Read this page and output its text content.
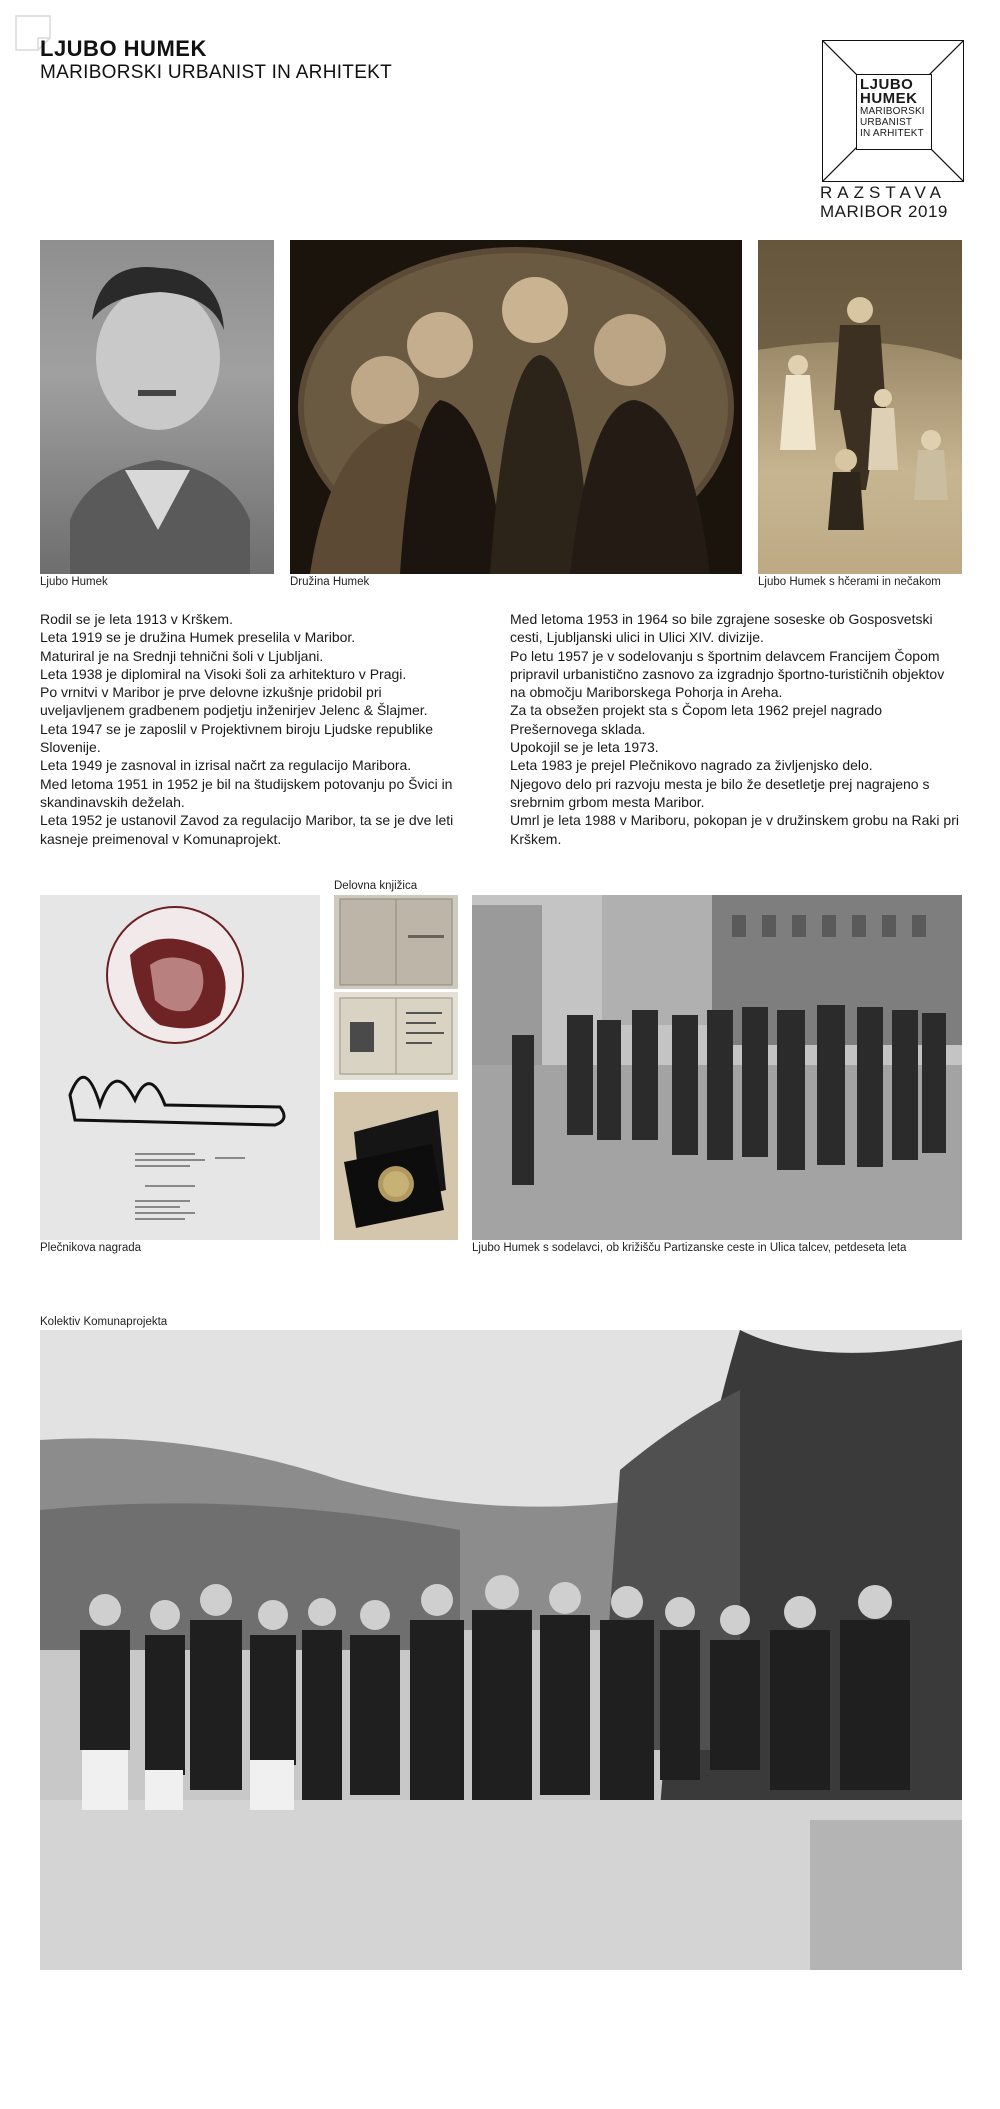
LJUBO HUMEK
MARIBORSKI URBANIST IN ARHITEKT
LJUBO
HUMEK
MARIBORSKI
URBANIST
IN ARHITEKT
RAZSTAVA
MARIBOR 2019
Ljubo Humek	Družina Humek	Ljubo Humek s hčerami in nečakom

Rodil se je leta 1913 v Krškem.

Leta 1919 se je družina Humek preselila v Maribor.

Maturiral je na Srednji tehnični šoli v Ljubljani.

Leta 1938 je diplomiral na Visoki šoli za arhitekturo v Pragi.

Po vrnitvi v Maribor je prve delovne izkušnje pridobil pri uveljavljenem gradbenem podjetju inženirjev Jelenc & Šlajmer.

Leta 1947 se je zaposlil v Projektivnem biroju Ljudske republike Slovenije.

Leta 1949 je zasnoval in izrisal načrt za regulacijo Maribora.

Med letoma 1951 in 1952 je bil na študijskem potovanju po Švici in skandinavskih deželah.

Leta 1952 je ustanovil Zavod za regulacijo Maribor, ta se je dve leti kasneje preimenoval v Komunaprojekt.

Med letoma 1953 in 1964 so bile zgrajene soseske ob Gosposvetski cesti, Ljubljanski ulici in Ulici XIV. divizije.

Po letu 1957 je v sodelovanju s športnim delavcem Francijem Čopom pripravil urbanistično zasnovo za izgradnjo športno-turističnih objektov na območju Mariborskega Pohorja in Areha.

Za ta obsežen projekt sta s Čopom leta 1962 prejel nagrado Prešernovega sklada.

Upokojil se je leta 1973.

Leta 1983 je prejel Plečnikovo nagrado za življenjsko delo.

Njegovo delo pri razvoju mesta je bilo že desetletje prej nagrajeno s srebrnim grbom mesta Maribor.

Umrl je leta 1988 v Mariboru, pokopan je v družinskem grobu na Raki pri Krškem.

Delovna knjižica
Plečnikova nagrada	Ljubo Humek s sodelavci, ob križišču Partizanske ceste in Ulica talcev, petdeseta leta
Kolektiv Komunaprojekta
